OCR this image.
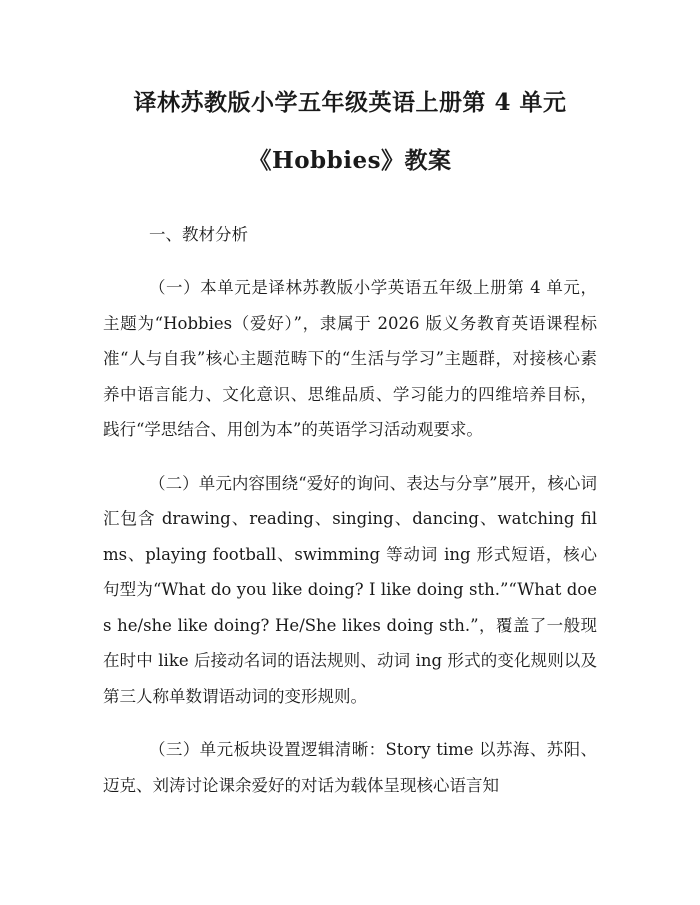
译林苏教版小学五年级英语上册第 4 单元
《Hobbies》教案

一、教材分析

（一）本单元是译林苏教版小学英语五年级上册第 4 单元，主题为“Hobbies（爱好）”，隶属于 2026 版义务教育英语课程标准“人与自我”核心主题范畴下的“生活与学习”主题群，对接核心素养中语言能力、文化意识、思维品质、学习能力的四维培养目标，践行“学思结合、用创为本”的英语学习活动观要求。

（二）单元内容围绕“爱好的询问、表达与分享”展开，核心词汇包含 drawing、reading、singing、dancing、watching films、playing football、swimming 等动词 ing 形式短语，核心句型为“What do you like doing? I like doing sth.”“What does he/she like doing? He/She likes doing sth.”，覆盖了一般现在时中 like 后接动名词的语法规则、动词 ing 形式的变化规则以及第三人称单数谓语动词的变形规则。

（三）单元板块设置逻辑清晰：Story time 以苏海、苏阳、迈克、刘涛讨论课余爱好的对话为载体呈现核心语言知
